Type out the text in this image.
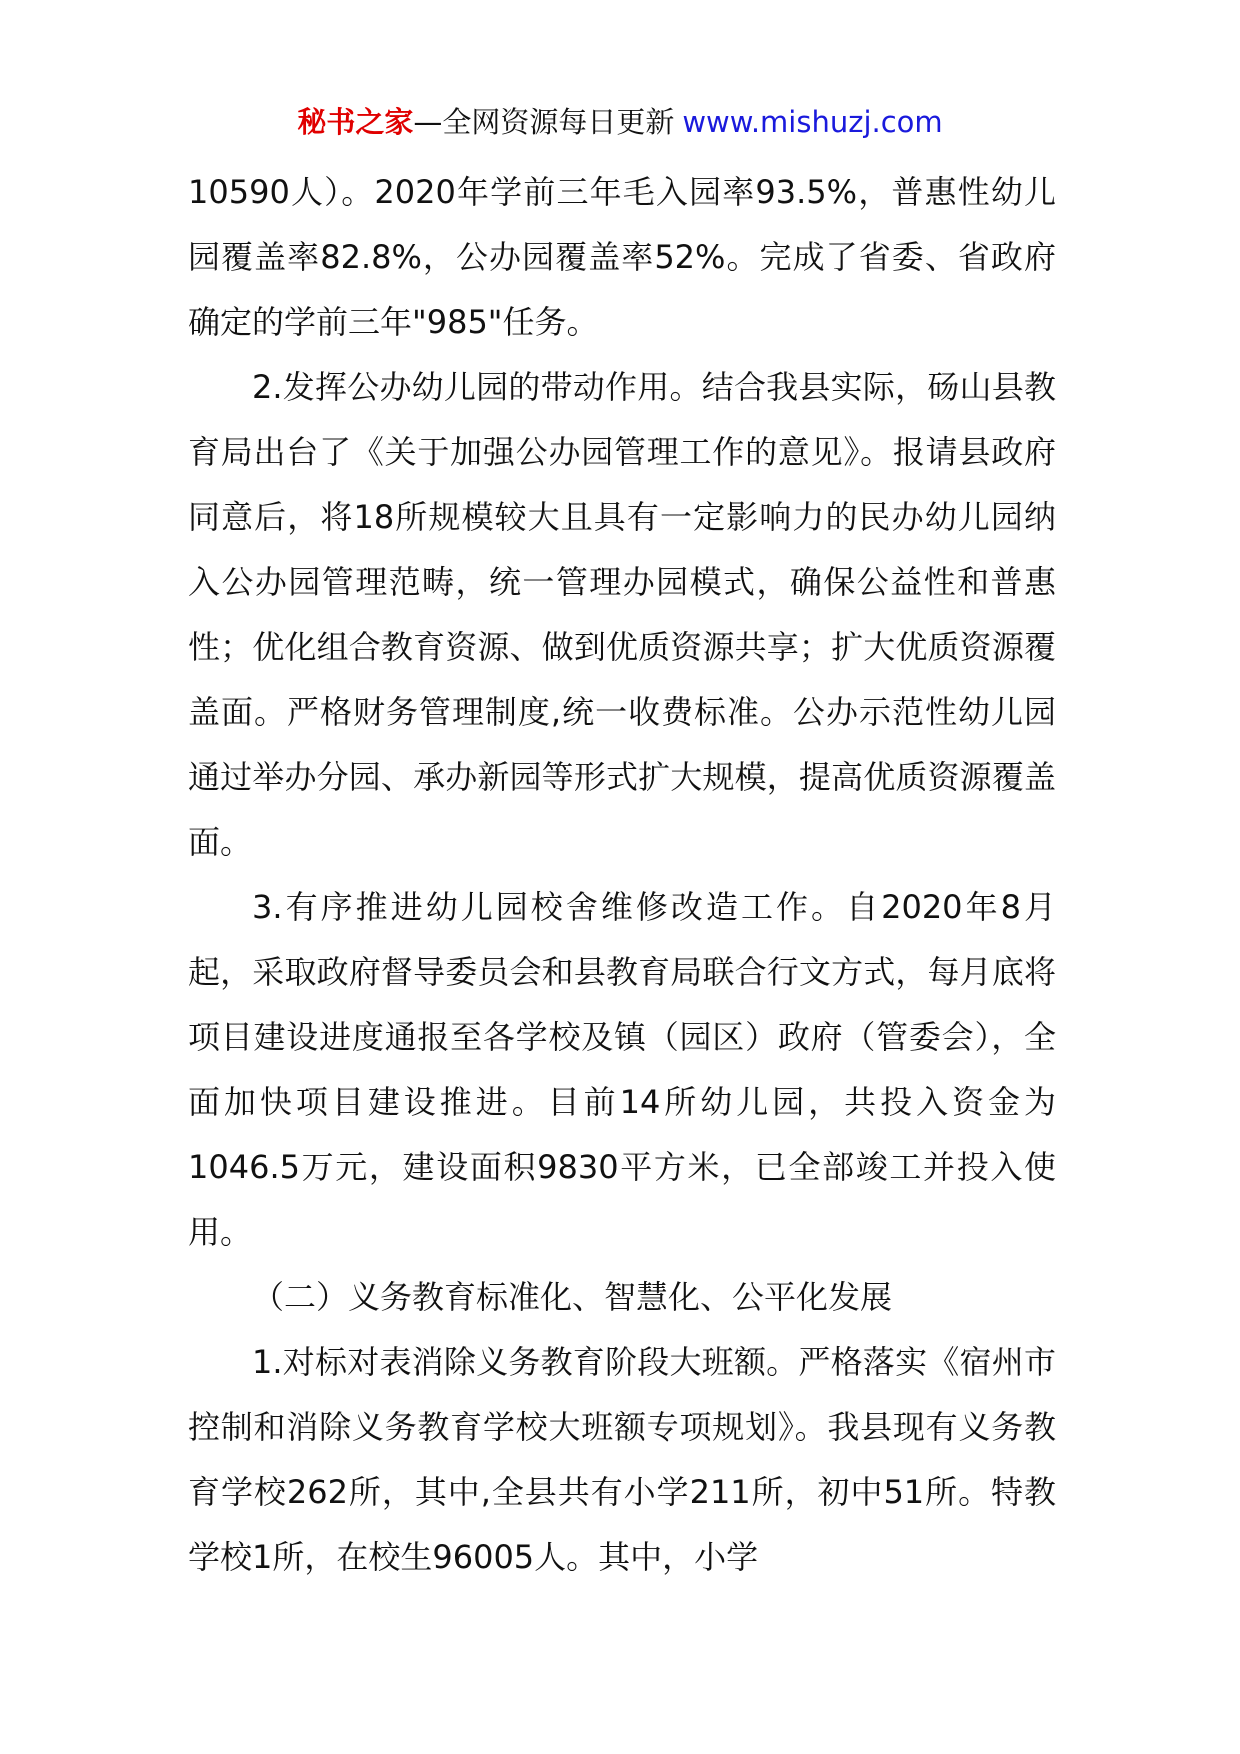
秘书之家—全网资源每日更新 www.mishuzj.com

10590人）。2020年学前三年毛入园率93.5%，普惠性幼儿园覆盖率82.8%，公办园覆盖率52%。完成了省委、省政府确定的学前三年"985"任务。

2.发挥公办幼儿园的带动作用。结合我县实际，砀山县教育局出台了《关于加强公办园管理工作的意见》。报请县政府同意后，将18所规模较大且具有一定影响力的民办幼儿园纳入公办园管理范畴，统一管理办园模式，确保公益性和普惠性；优化组合教育资源、做到优质资源共享；扩大优质资源覆盖面。严格财务管理制度,统一收费标准。公办示范性幼儿园通过举办分园、承办新园等形式扩大规模，提高优质资源覆盖面。

3.有序推进幼儿园校舍维修改造工作。自2020年8月起，采取政府督导委员会和县教育局联合行文方式，每月底将项目建设进度通报至各学校及镇（园区）政府（管委会），全面加快项目建设推进。目前14所幼儿园，共投入资金为1046.5万元，建设面积9830平方米，已全部竣工并投入使用。

（二）义务教育标准化、智慧化、公平化发展

1.对标对表消除义务教育阶段大班额。严格落实《宿州市控制和消除义务教育学校大班额专项规划》。我县现有义务教育学校262所，其中,全县共有小学211所，初中51所。特教学校1所，在校生96005人。其中，小学
